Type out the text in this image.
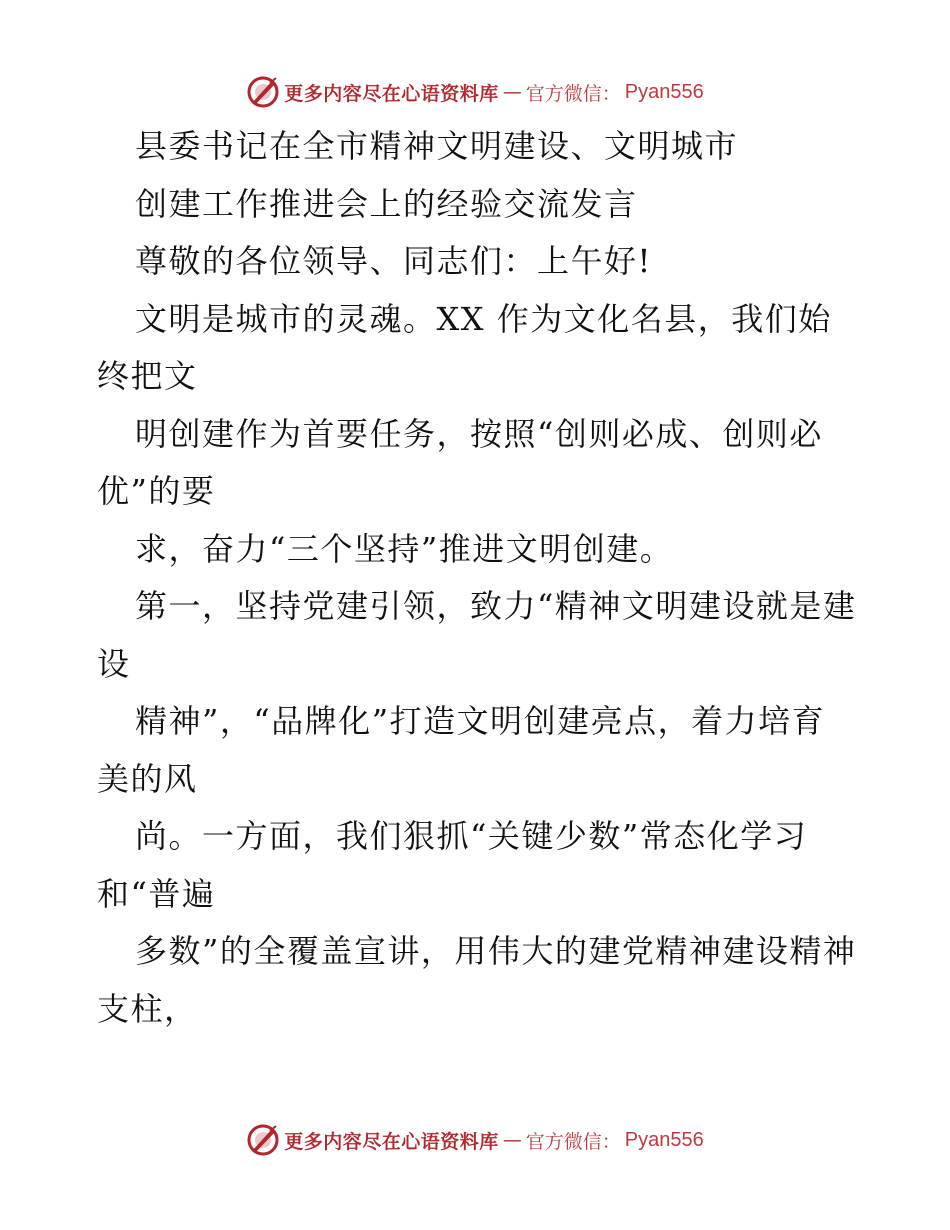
更多内容尽在心语资料库 — 官方微信： Pyan556

县委书记在全市精神文明建设、文明城市

创建工作推进会上的经验交流发言

尊敬的各位领导、同志们：上午好!

文明是城市的灵魂。XX 作为文化名县，我们始终把文

明创建作为首要任务，按照“创则必成、创则必优”的要

求，奋力“三个坚持”推进文明创建。

第一，坚持党建引领，致力“精神文明建设就是建设

精神”，“品牌化”打造文明创建亮点，着力培育美的风

尚。一方面，我们狠抓“关键少数”常态化学习和“普遍

多数”的全覆盖宣讲，用伟大的建党精神建设精神支柱，

更多内容尽在心语资料库 — 官方微信： Pyan556
